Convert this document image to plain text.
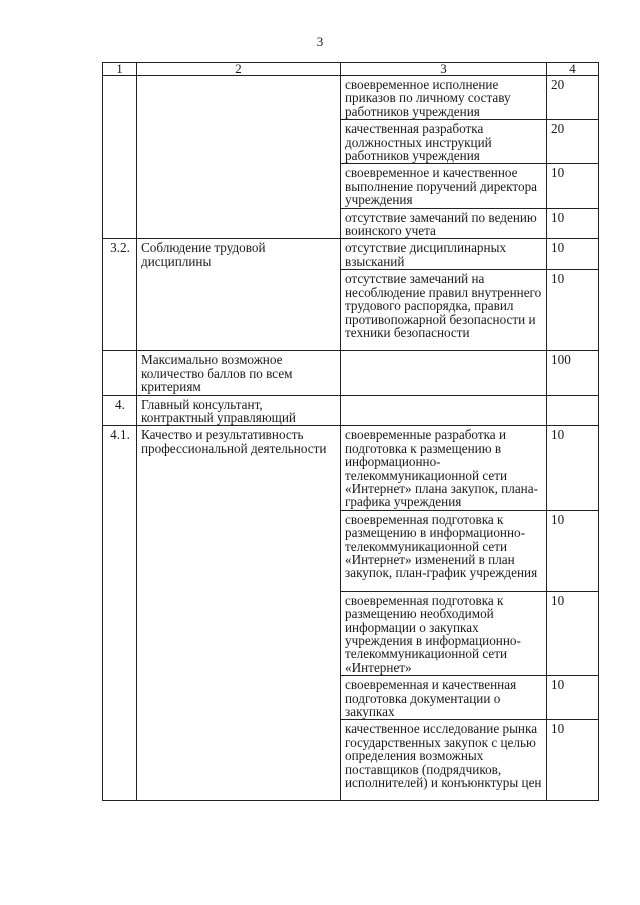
3
1	2	3	4
		своевременное исполнение приказов по личному составу работников учреждения	20
		качественная разработка должностных инструкций работников учреждения	20
		своевременное и качественное выполнение поручений директора учреждения	10
		отсутствие замечаний по ведению воинского учета	10
3.2.	Соблюдение трудовой дисциплины	отсутствие дисциплинарных взысканий	10
		отсутствие замечаний на несоблюдение правил внутреннего трудового распорядка, правил противопожарной безопасности и техники безопасности	10
	Максимально возможное количество баллов по всем критериям		100
4.	Главный консультант, контрактный управляющий		
4.1.	Качество и результативность профессиональной деятельности	своевременные разработка и подготовка к размещению в информационно-телекоммуникационной сети «Интернет» плана закупок, плана-графика учреждения	10
		своевременная подготовка к размещению в информационно-телекоммуникационной сети «Интернет» изменений в план закупок, план-график учреждения	10
		своевременная подготовка к размещению необходимой информации о закупках учреждения в информационно-телекоммуникационной сети «Интернет»	10
		своевременная и качественная подготовка документации о закупках	10
		качественное исследование рынка государственных закупок с целью определения возможных поставщиков (подрядчиков, исполнителей) и конъюнктуры цен	10
